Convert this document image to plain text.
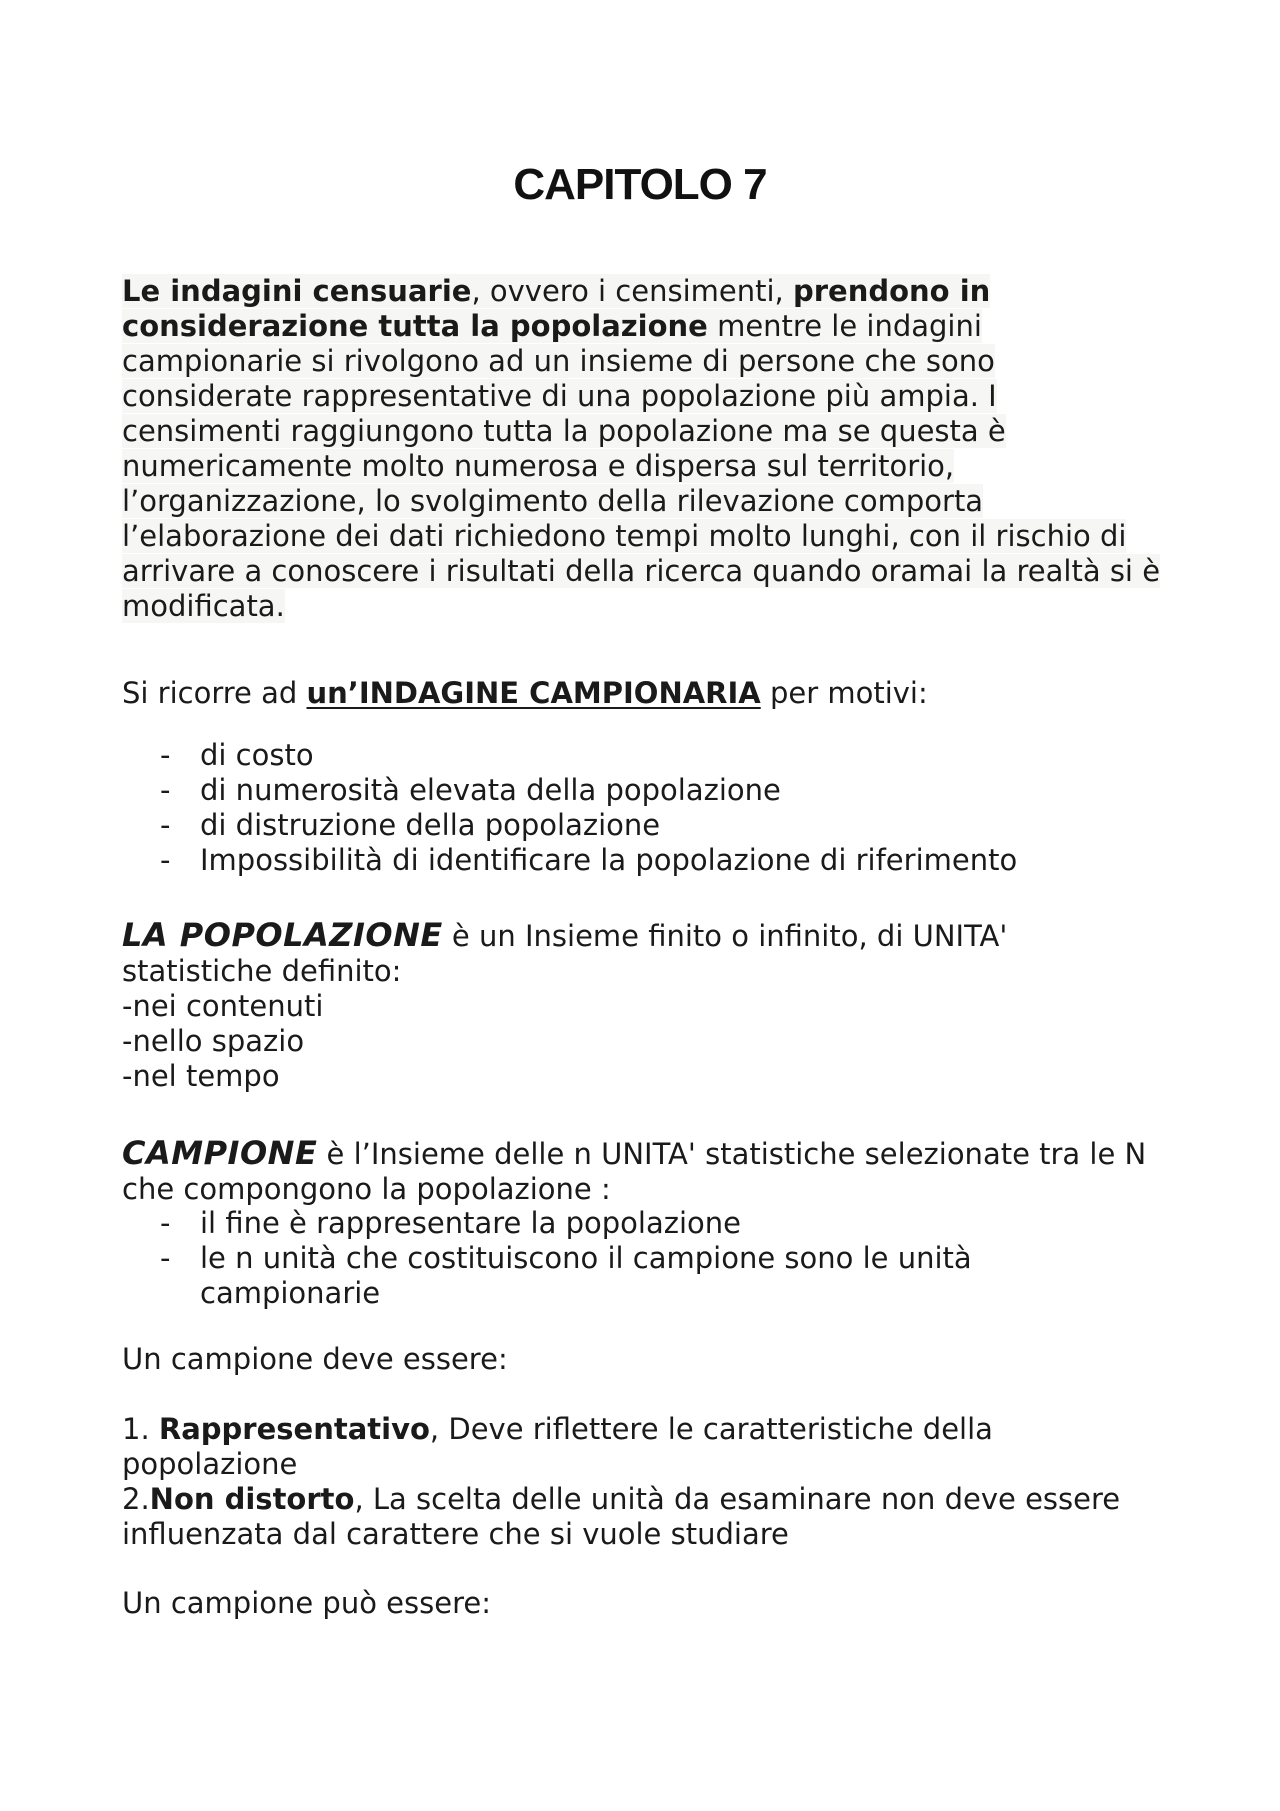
CAPITOLO 7

Le indagini censuarie, ovvero i censimenti, prendono in considerazione tutta la popolazione mentre le indagini campionarie si rivolgono ad un insieme di persone che sono considerate rappresentative di una popolazione più ampia. I censimenti raggiungono tutta la popolazione ma se questa è numericamente molto numerosa e dispersa sul territorio, l’organizzazione, lo svolgimento della rilevazione comporta l’elaborazione dei dati richiedono tempi molto lunghi, con il rischio di arrivare a conoscere i risultati della ricerca quando oramai la realtà si è modificata.

Si ricorre ad un’INDAGINE CAMPIONARIA per motivi:

- di costo
- di numerosità elevata della popolazione
- di distruzione della popolazione
- Impossibilità di identificare la popolazione di riferimento

LA POPOLAZIONE è un Insieme finito o infinito, di UNITA' statistiche definito:
-nei contenuti
-nello spazio
-nel tempo

CAMPIONE è l’Insieme delle n UNITA' statistiche selezionate tra le N che compongono la popolazione :

- il fine è rappresentare la popolazione
- le n unità che costituiscono il campione sono le unità campionarie

Un campione deve essere:

1. Rappresentativo, Deve riflettere le caratteristiche della popolazione
2.Non distorto, La scelta delle unità da esaminare non deve essere influenzata dal carattere che si vuole studiare

Un campione può essere:
